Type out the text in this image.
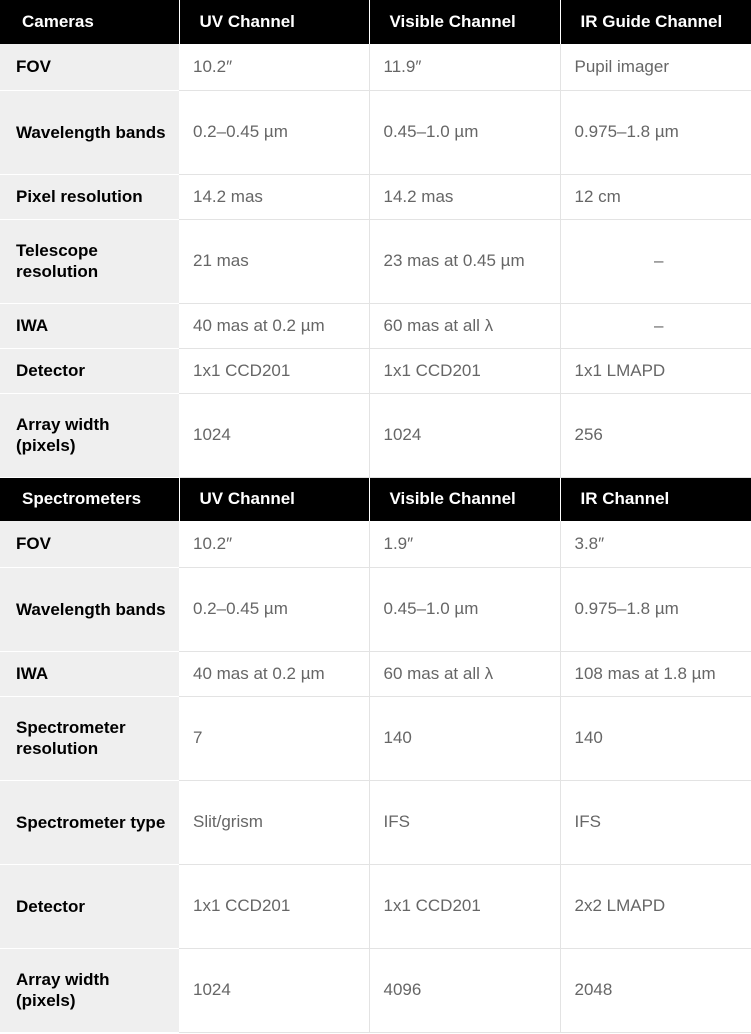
Cameras	UV Channel	Visible Channel	IR Guide Channel
FOV	10.2″	11.9″	Pupil imager
Wavelength bands	0.2–0.45 µm	0.45–1.0 µm	0.975–1.8 µm
Pixel resolution	14.2 mas	14.2 mas	12 cm
Telescope resolution	21 mas	23 mas at 0.45 µm	–
IWA	40 mas at 0.2 µm	60 mas at all λ	–
Detector	1x1 CCD201	1x1 CCD201	1x1 LMAPD
Array width (pixels)	1024	1024	256
Spectrometers	UV Channel	Visible Channel	IR Channel
FOV	10.2″	1.9″	3.8″
Wavelength bands	0.2–0.45 µm	0.45–1.0 µm	0.975–1.8 µm
IWA	40 mas at 0.2 µm	60 mas at all λ	108 mas at 1.8 µm
Spectrometer resolution	7	140	140
Spectrometer type	Slit/grism	IFS	IFS
Detector	1x1 CCD201	1x1 CCD201	2x2 LMAPD
Array width (pixels)	1024	4096	2048
